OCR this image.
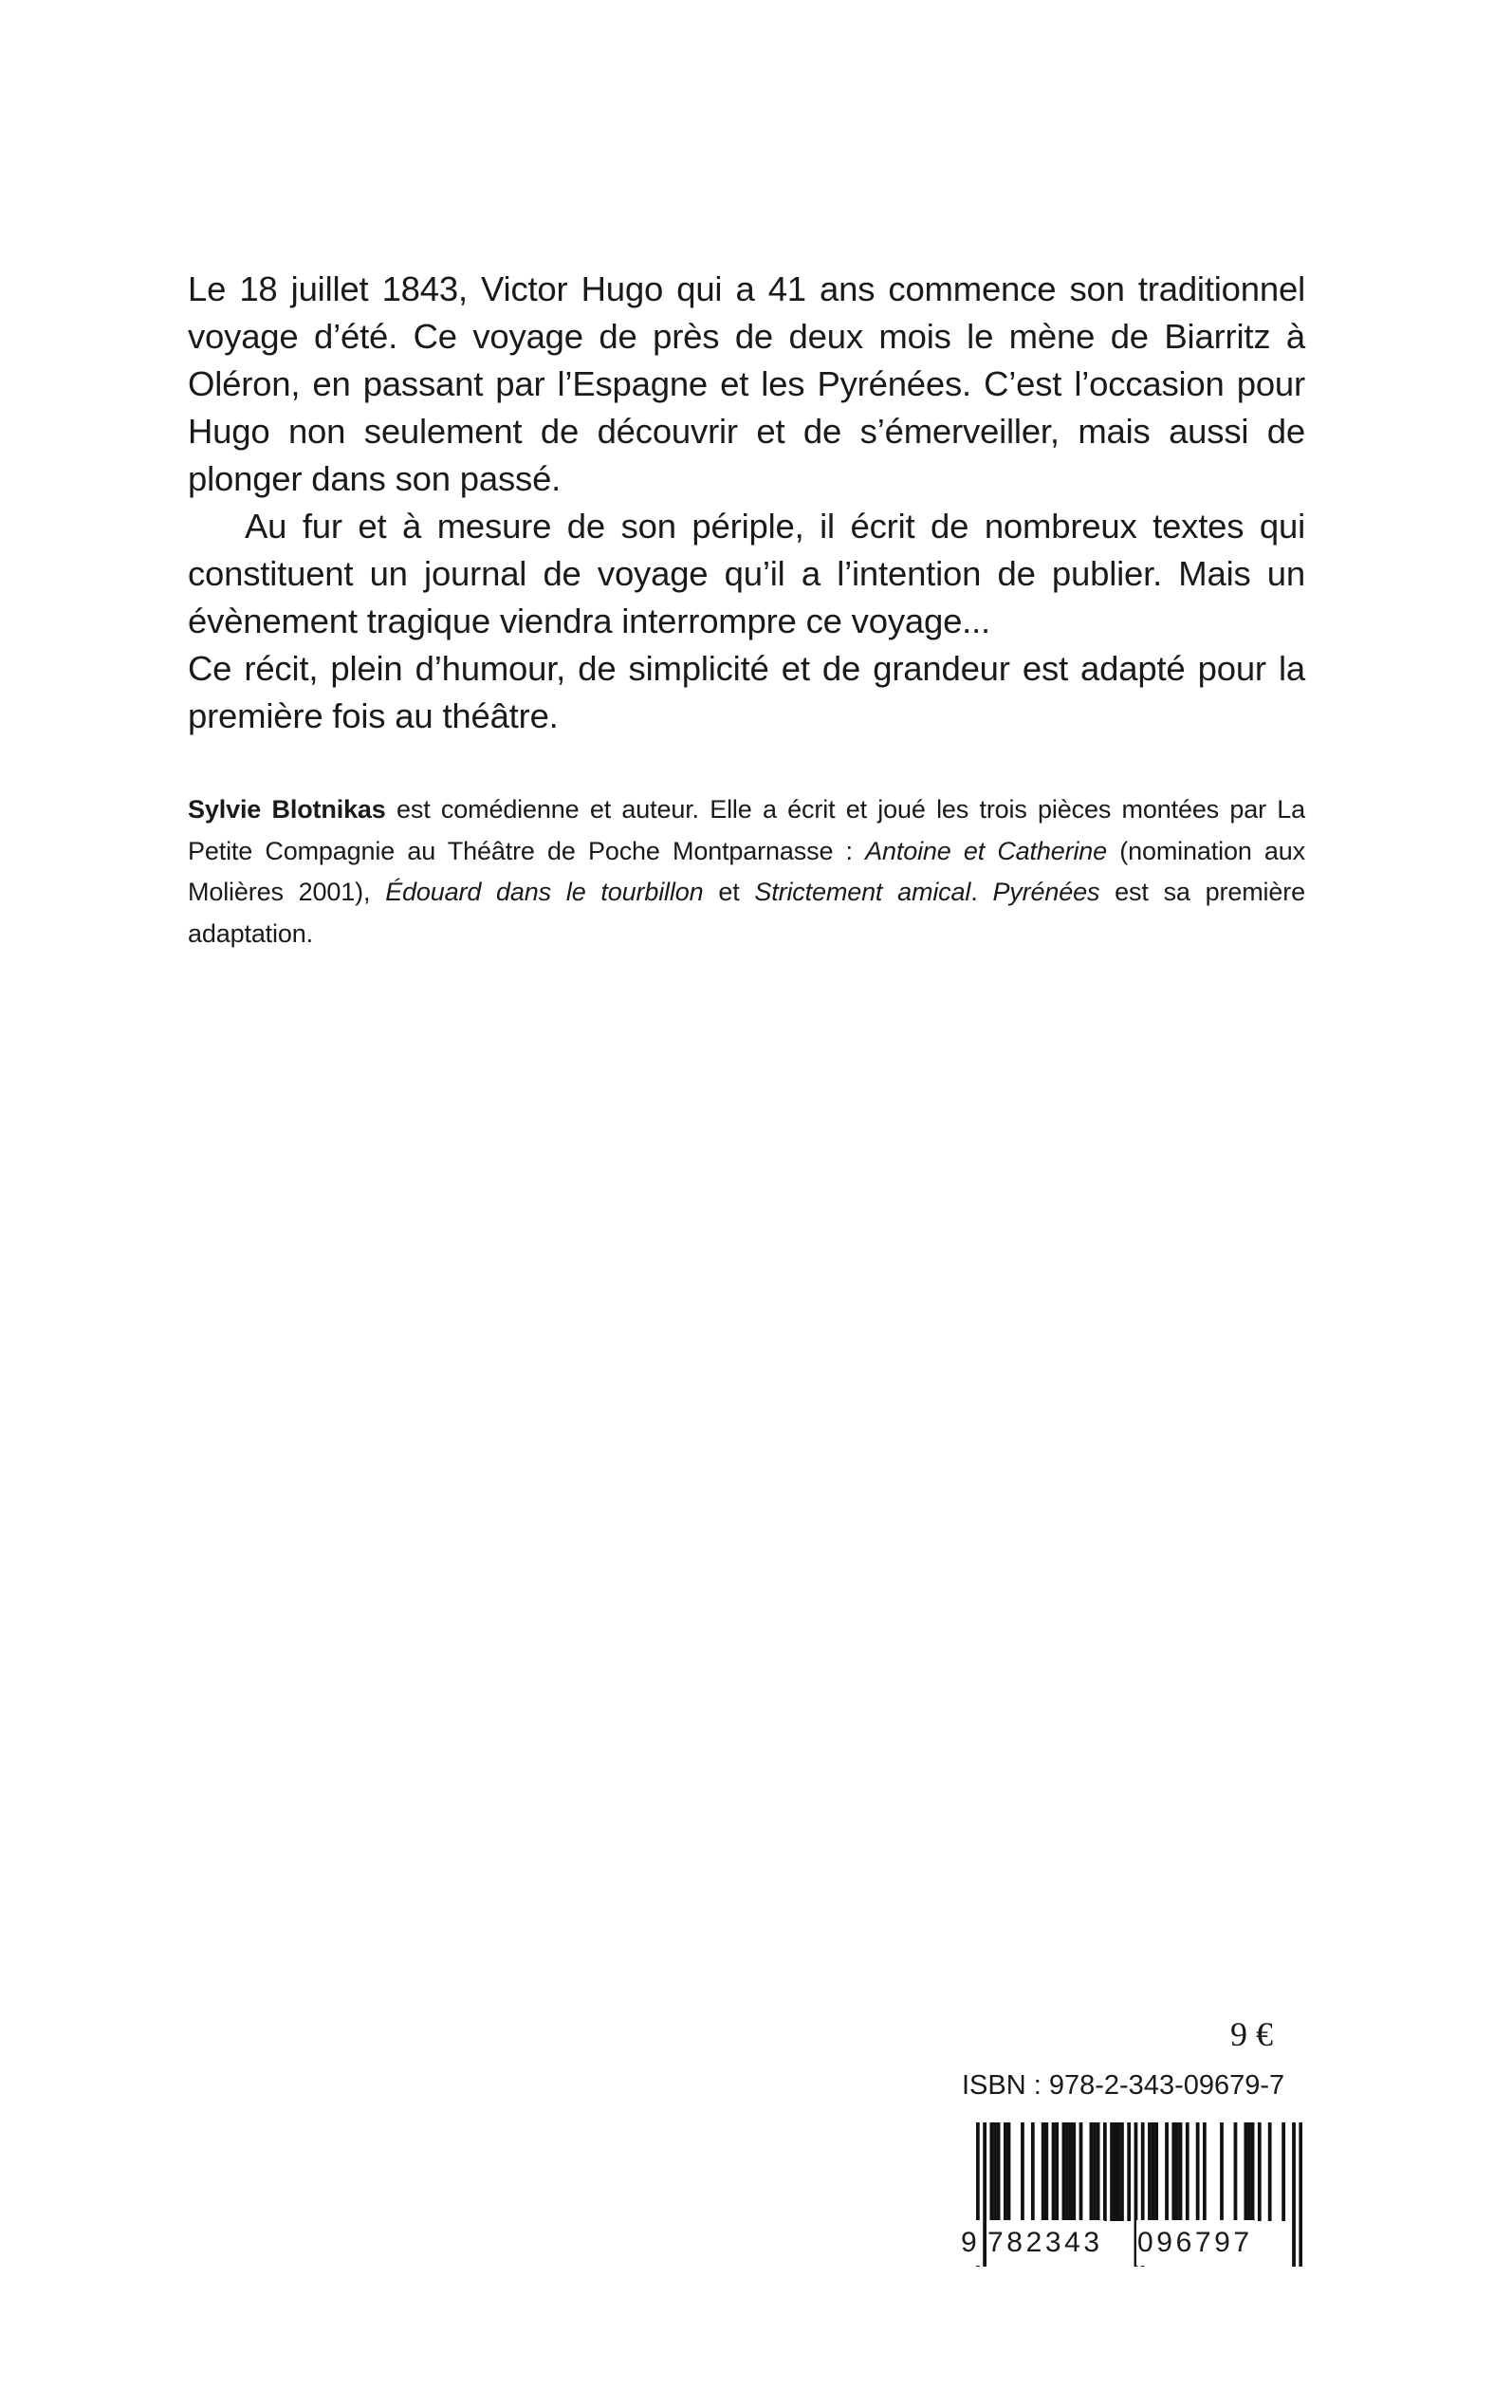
Le 18 juillet 1843, Victor Hugo qui a 41 ans commence son traditionnel voyage d’été. Ce voyage de près de deux mois le mène de Biarritz à Oléron, en passant par l’Espagne et les Pyrénées. C’est l’occasion pour Hugo non seulement de découvrir et de s’émerveiller, mais aussi de plonger dans son passé.

Au fur et à mesure de son périple, il écrit de nombreux textes qui constituent un journal de voyage qu’il a l’intention de publier. Mais un évènement tragique viendra interrompre ce voyage...

Ce récit, plein d’humour, de simplicité et de grandeur est adapté pour la première fois au théâtre.

Sylvie Blotnikas est comédienne et auteur. Elle a écrit et joué les trois pièces montées par La Petite Compagnie au Théâtre de Poche Montparnasse : Antoine et Catherine (nomination aux Molières 2001), Édouard dans le tourbillon et Strictement amical. Pyrénées est sa première adaptation.
9 €
ISBN : 978-2-343-09679-7
9 782343 096797
